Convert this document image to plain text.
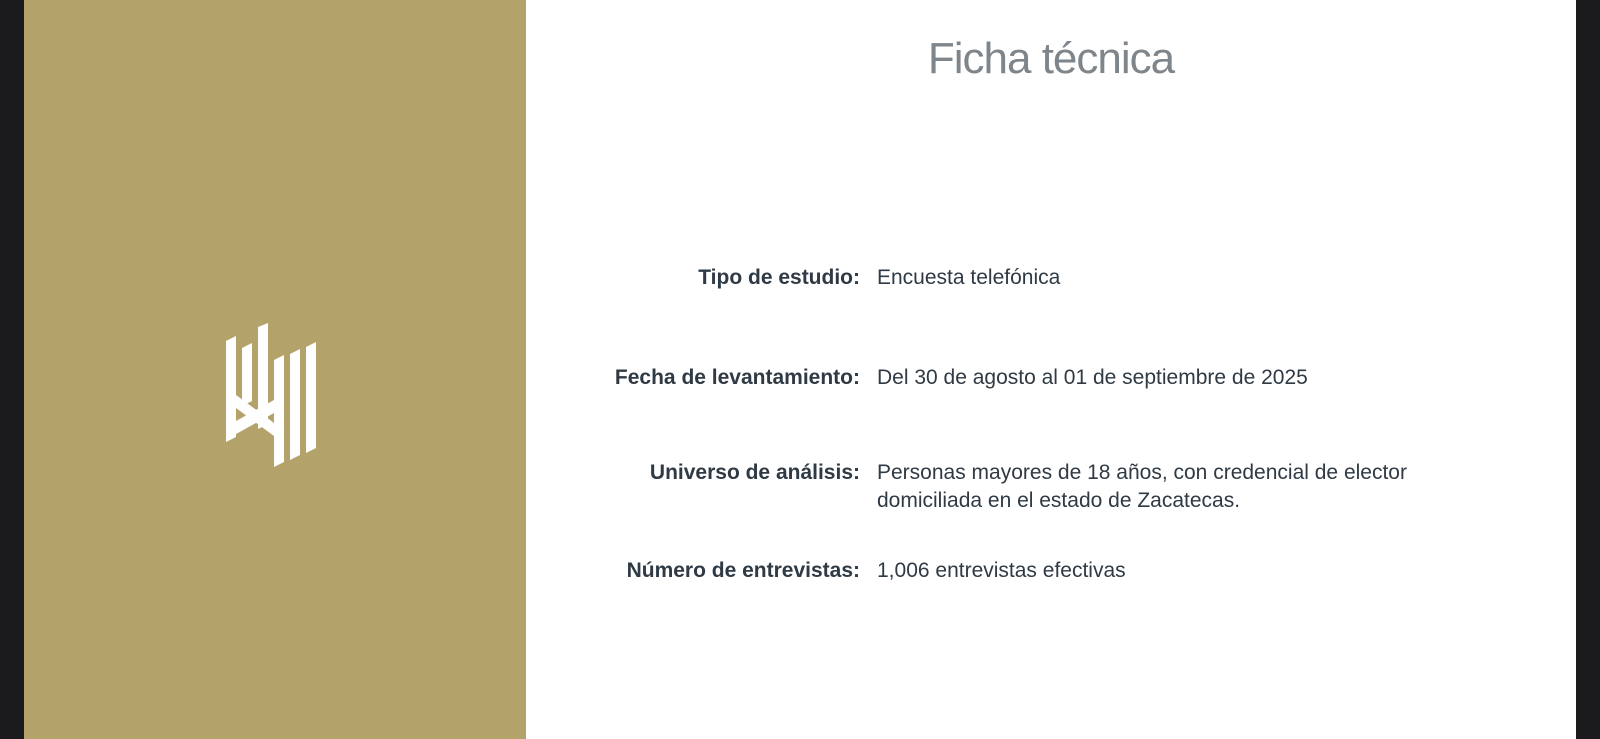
Ficha técnica
Tipo de estudio: Encuesta telefónica
Fecha de levantamiento: Del 30 de agosto al 01 de septiembre de 2025
Universo de análisis: Personas mayores de 18 años, con credencial de elector
domiciliada en el estado de Zacatecas.
Número de entrevistas: 1,006 entrevistas efectivas
